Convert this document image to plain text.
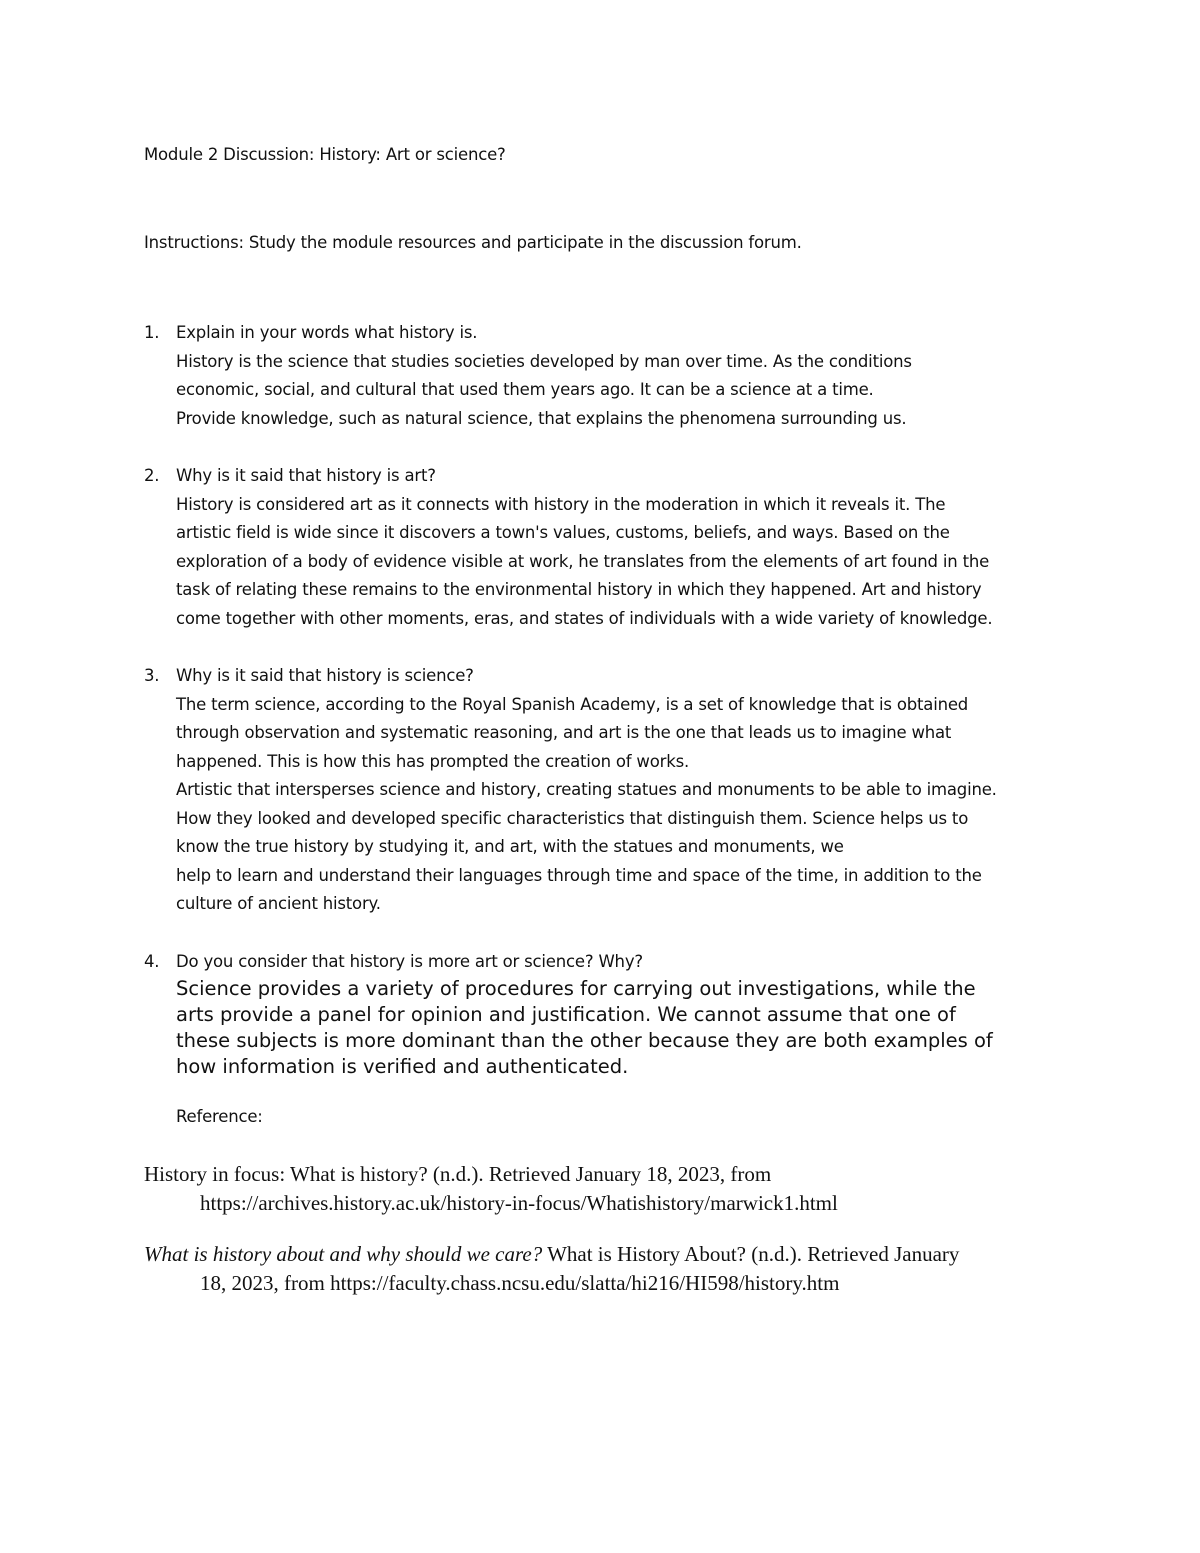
Module 2 Discussion: History: Art or science?
Instructions: Study the module resources and participate in the discussion forum.
1. Explain in your words what history is.
History is the science that studies societies developed by man over time. As the conditions
economic, social, and cultural that used them years ago. It can be a science at a time.
Provide knowledge, such as natural science, that explains the phenomena surrounding us.
2. Why is it said that history is art?
History is considered art as it connects with history in the moderation in which it reveals it. The
artistic field is wide since it discovers a town's values, customs, beliefs, and ways. Based on the
exploration of a body of evidence visible at work, he translates from the elements of art found in the
task of relating these remains to the environmental history in which they happened. Art and history
come together with other moments, eras, and states of individuals with a wide variety of knowledge.
3. Why is it said that history is science?
The term science, according to the Royal Spanish Academy, is a set of knowledge that is obtained
through observation and systematic reasoning, and art is the one that leads us to imagine what
happened. This is how this has prompted the creation of works.
Artistic that intersperses science and history, creating statues and monuments to be able to imagine.
How they looked and developed specific characteristics that distinguish them. Science helps us to
know the true history by studying it, and art, with the statues and monuments, we
help to learn and understand their languages through time and space of the time, in addition to the
culture of ancient history.
4. Do you consider that history is more art or science? Why?
Science provides a variety of procedures for carrying out investigations, while the
arts provide a panel for opinion and justification. We cannot assume that one of
these subjects is more dominant than the other because they are both examples of
how information is verified and authenticated.
Reference:
History in focus: What is history? (n.d.). Retrieved January 18, 2023, from
https://archives.history.ac.uk/history-in-focus/Whatishistory/marwick1.html
What is history about and why should we care? What is History About? (n.d.). Retrieved January
18, 2023, from https://faculty.chass.ncsu.edu/slatta/hi216/HI598/history.htm
